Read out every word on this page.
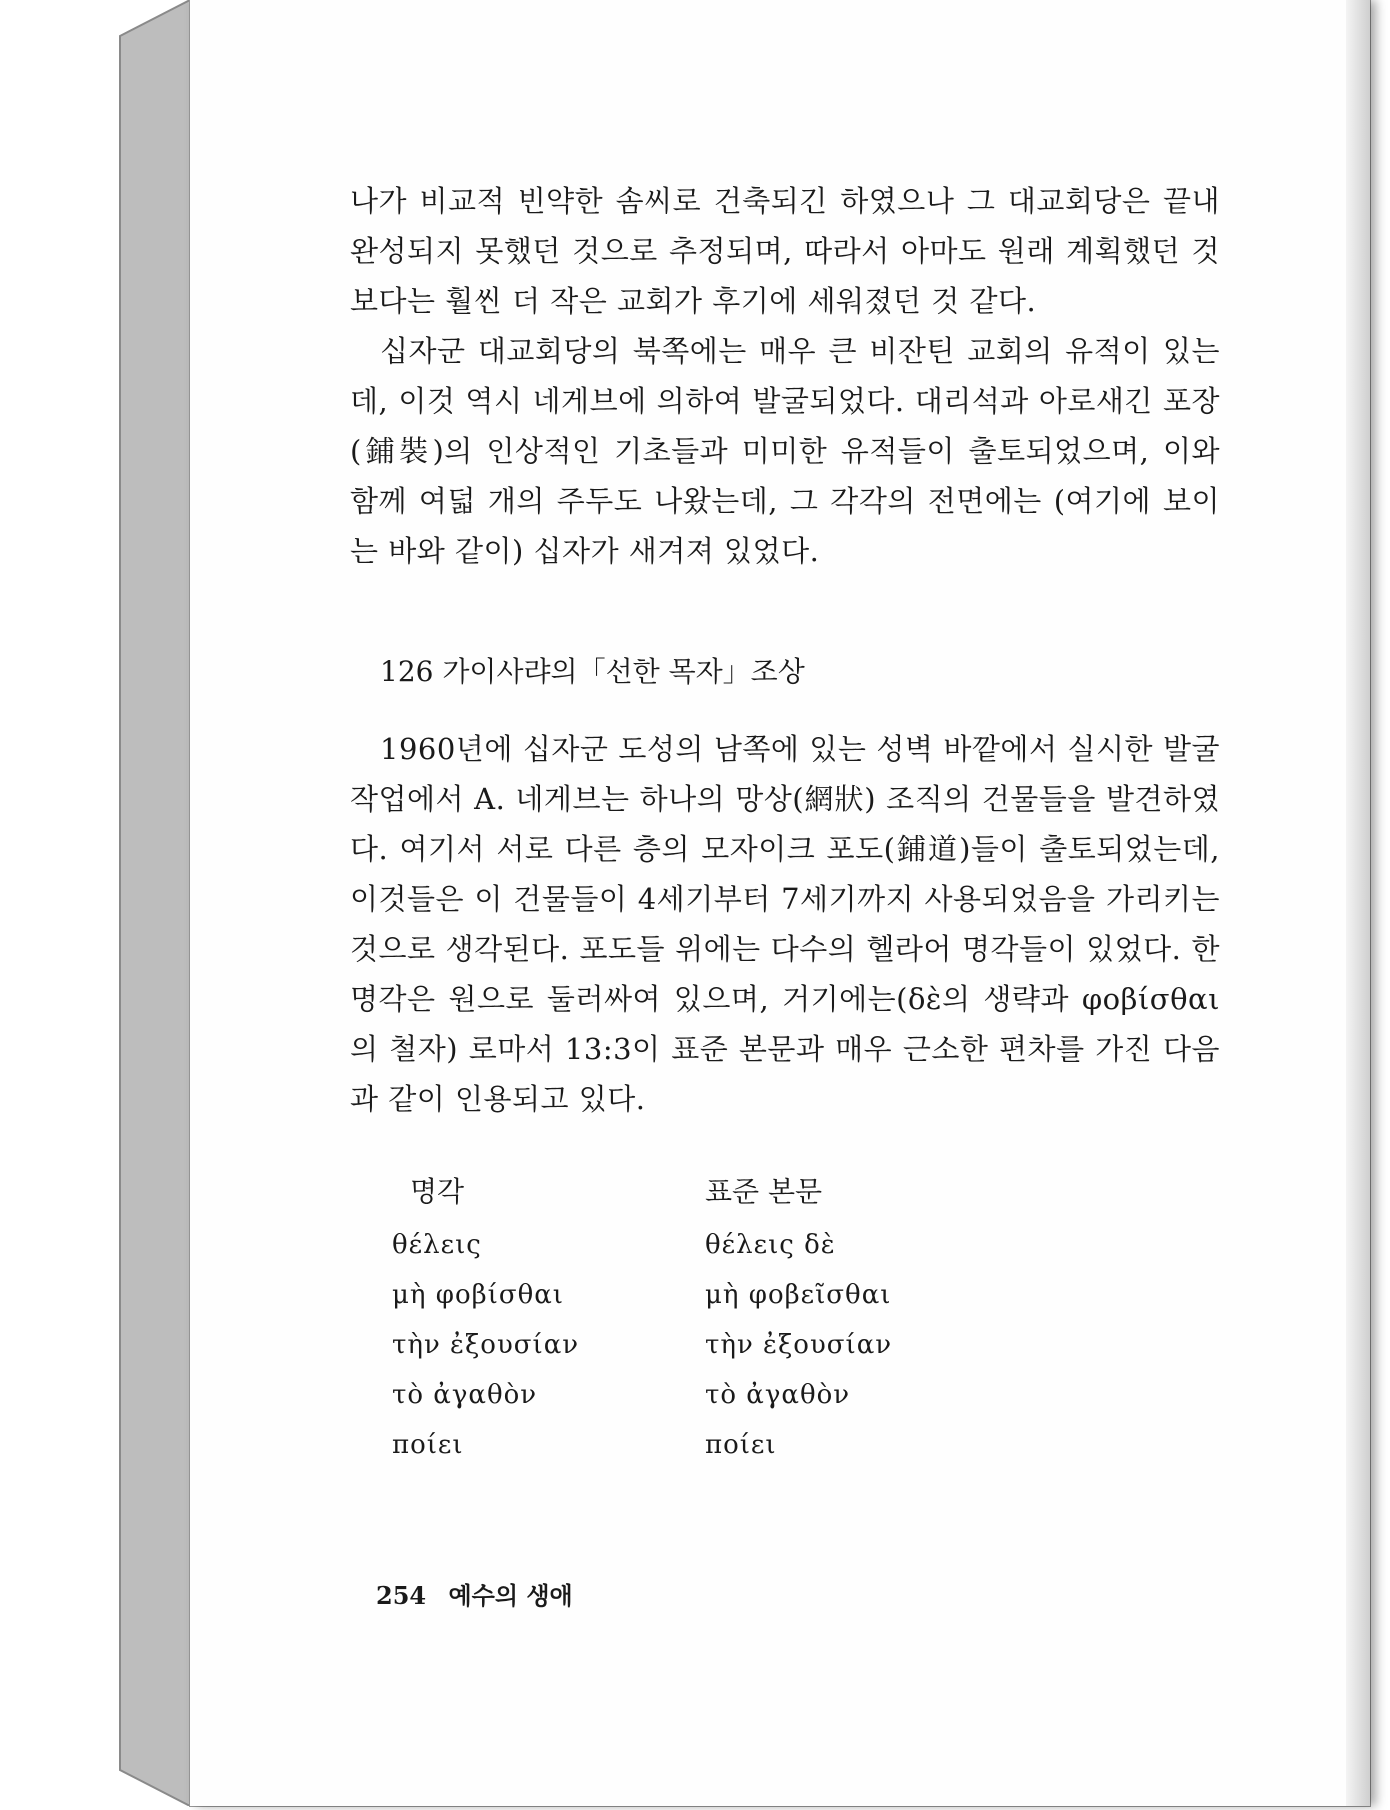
나가 비교적 빈약한 솜씨로 건축되긴 하였으나 그 대교회당은 끝내 완성되지 못했던 것으로 추정되며, 따라서 아마도 원래 계획했던 것보다는 훨씬 더 작은 교회가 후기에 세워졌던 것 같다.

십자군 대교회당의 북쪽에는 매우 큰 비잔틴 교회의 유적이 있는데, 이것 역시 네게브에 의하여 발굴되었다. 대리석과 아로새긴 포장(鋪裝)의 인상적인 기초들과 미미한 유적들이 출토되었으며, 이와 함께 여덟 개의 주두도 나왔는데, 그 각각의 전면에는 (여기에 보이는 바와 같이) 십자가 새겨져 있었다.

126 가이사랴의「선한 목자」조상

1960년에 십자군 도성의 남쪽에 있는 성벽 바깥에서 실시한 발굴 작업에서 A. 네게브는 하나의 망상(網狀) 조직의 건물들을 발견하였다. 여기서 서로 다른 층의 모자이크 포도(鋪道)들이 출토되었는데, 이것들은 이 건물들이 4세기부터 7세기까지 사용되었음을 가리키는 것으로 생각된다. 포도들 위에는 다수의 헬라어 명각들이 있었다. 한 명각은 원으로 둘러싸여 있으며, 거기에는(δὲ의 생략과 φοβίσθαι의 철자) 로마서 13:3이 표준 본문과 매우 근소한 편차를 가진 다음과 같이 인용되고 있다.

명각	표준 본문
θέλεις	θέλεις δὲ
μὴ φοβίσθαι	μὴ φοβεῖσθαι
τὴν ἐξουσίαν	τὴν ἐξουσίαν
τὸ ἀγαθὸν	τὸ ἀγαθὸν
ποίει	ποίει
254 예수의 생애
